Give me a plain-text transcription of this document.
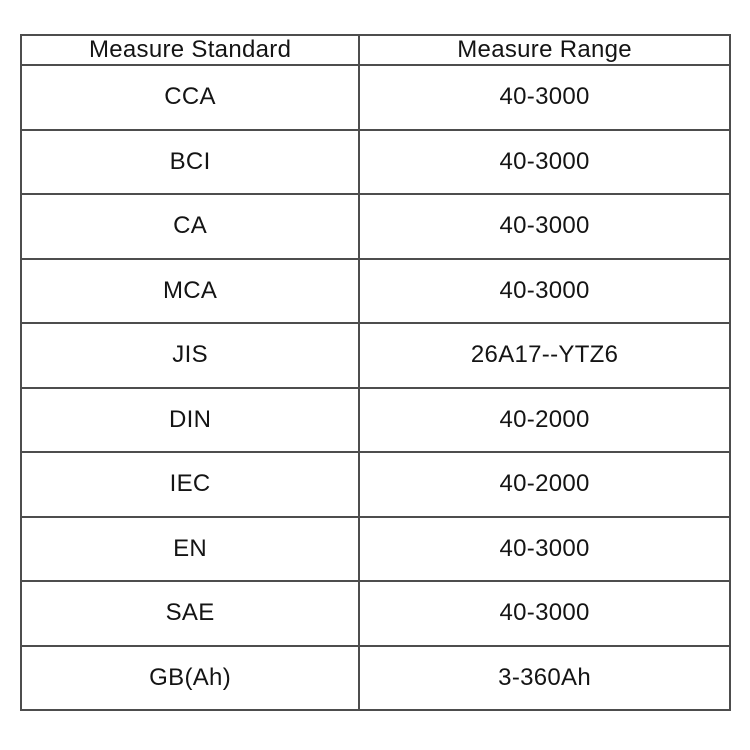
Measure Standard	Measure Range
CCA	40-3000
BCI	40-3000
CA	40-3000
MCA	40-3000
JIS	26A17--YTZ6
DIN	40-2000
IEC	40-2000
EN	40-3000
SAE	40-3000
GB(Ah)	3-360Ah
